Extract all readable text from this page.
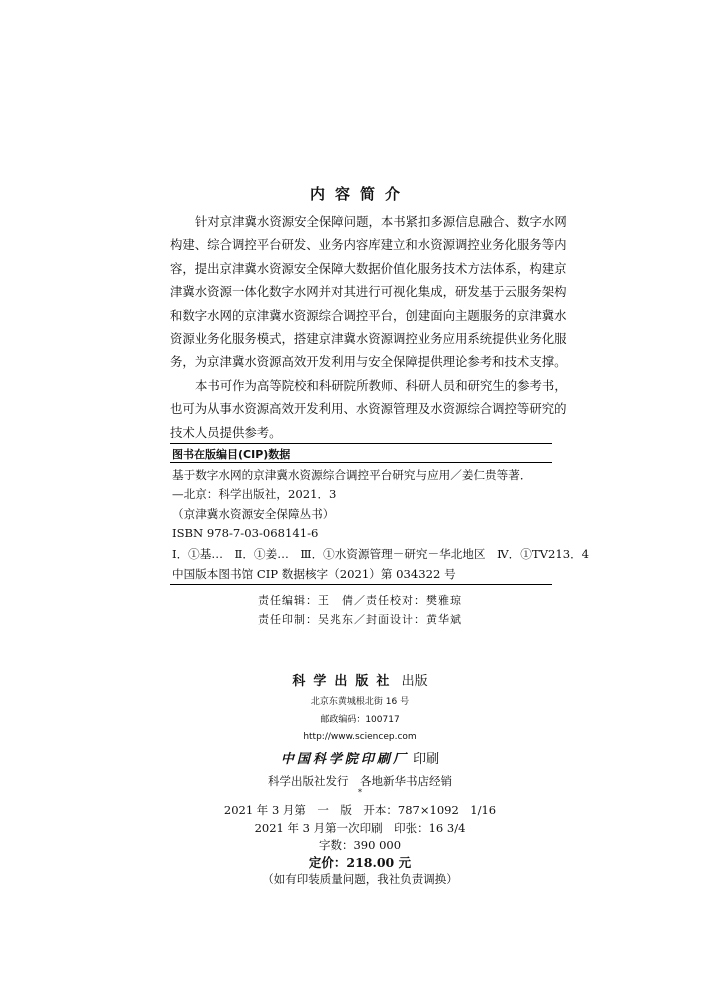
内容简介
针对京津冀水资源安全保障问题，本书紧扣多源信息融合、数字水网
构建、综合调控平台研发、业务内容库建立和水资源调控业务化服务等内
容，提出京津冀水资源安全保障大数据价值化服务技术方法体系，构建京
津冀水资源一体化数字水网并对其进行可视化集成，研发基于云服务架构
和数字水网的京津冀水资源综合调控平台，创建面向主题服务的京津冀水
资源业务化服务模式，搭建京津冀水资源调控业务应用系统提供业务化服
务，为京津冀水资源高效开发利用与安全保障提供理论参考和技术支撑。
本书可作为高等院校和科研院所教师、科研人员和研究生的参考书，
也可为从事水资源高效开发利用、水资源管理及水资源综合调控等研究的
技术人员提供参考。
图书在版编目(CIP)数据
基于数字水网的京津冀水资源综合调控平台研究与应用／姜仁贵等著．
—北京：科学出版社，2021．3
（京津冀水资源安全保障丛书）
ISBN 978-7-03-068141-6
Ⅰ．①基…　Ⅱ．①姜…　Ⅲ．①水资源管理－研究－华北地区　Ⅳ．①TV213．4
中国版本图书馆 CIP 数据核字（2021）第 034322 号
责任编辑：王　倩／责任校对：樊雅琼
责任印制：吴兆东／封面设计：黄华斌
科学出版社 出版
北京东黄城根北街 16 号
邮政编码：100717
http://www.sciencep.com
中国科学院印刷厂 印刷
科学出版社发行　各地新华书店经销
*
2021 年 3 月第　一　版　开本：787×1092　1/16
2021 年 3 月第一次印刷　印张：16 3/4
字数：390 000
定价：218.00 元
（如有印装质量问题，我社负责调换）
